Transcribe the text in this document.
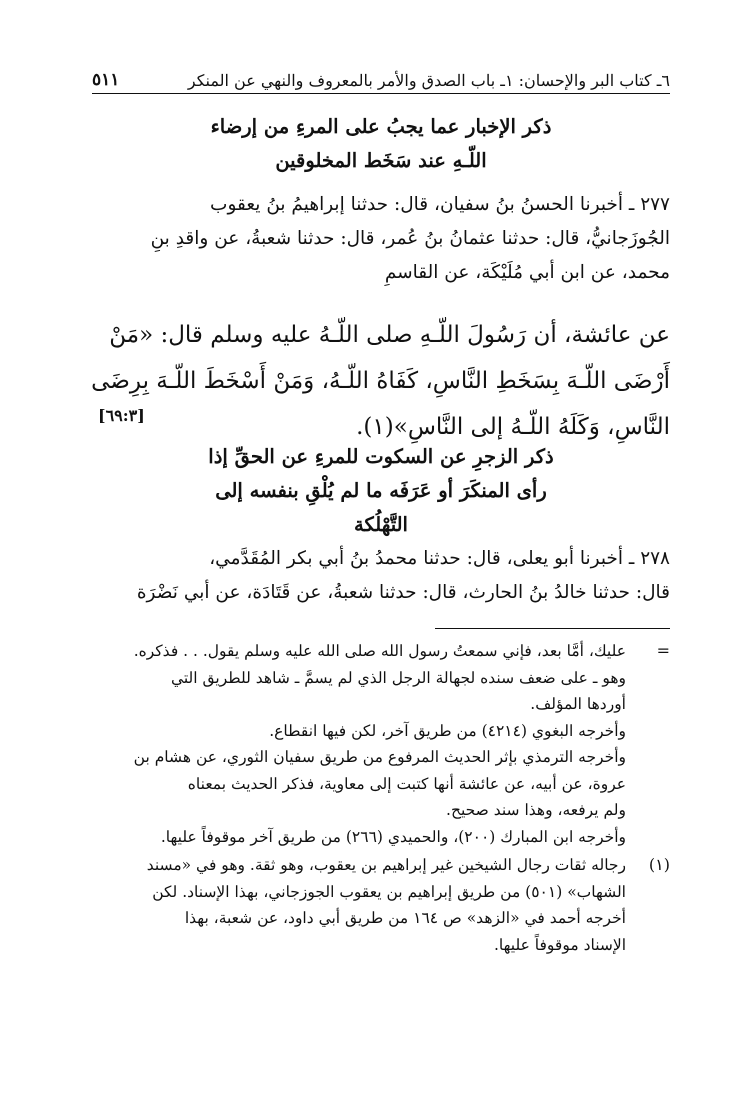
٦ـ كتاب البر والإحسان: ١ـ باب الصدق والأمر بالمعروف والنهي عن المنكر
٥١١
ذكر الإخبار عما يجبُ على المرءِ من إرضاء
اللّـهِ عند سَخَط المخلوقين

٢٧٧ ـ أخبرنا الحسنُ بنُ سفيان، قال: حدثنا إبراهيمُ بنُ يعقوب

الجُوزَجانيُّ، قال: حدثنا عثمانُ بنُ عُمر، قال: حدثنا شعبةُ، عن واقدِ بنِ

محمد، عن ابن أبي مُلَيْكَة، عن القاسمِ

عن عائشة، أن رَسُولَ اللّـهِ صلى اللّـهُ عليه وسلم قال: «مَنْ

أَرْضَى اللّـهَ بِسَخَطِ النَّاسِ، كَفَاهُ اللّـهُ، وَمَنْ أَسْخَطَ اللّـهَ بِرِضَى

النَّاسِ، وَكَلَهُ اللّـهُ إلى النَّاسِ»(١).

[٦٩:٣]
ذكر الزجرِ عن السكوت للمرءِ عن الحقِّ إذا
رأى المنكَرَ أو عَرَفَه ما لم يُلْقِ بنفسه إلى
التَّهْلُكة

٢٧٨ ـ أخبرنا أبو يعلى، قال: حدثنا محمدُ بنُ أبي بكر المُقَدَّمي،

قال: حدثنا خالدُ بنُ الحارث، قال: حدثنا شعبةُ، عن قَتَادَة، عن أبي نَضْرَة

=

عليك، أمَّا بعد، فإني سمعتُ رسول الله صلى الله عليه وسلم يقول. . . فذكره.

وهو ـ على ضعف سنده لجهالة الرجل الذي لم يسمَّ ـ شاهد للطريق التي

أوردها المؤلف.

وأخرجه البغوي (٤٢١٤) من طريق آخر، لكن فيها انقطاع.

وأخرجه الترمذي بإثر الحديث المرفوع من طريق سفيان الثوري، عن هشام بن

عروة، عن أبيه، عن عائشة أنها كتبت إلى معاوية، فذكر الحديث بمعناه

ولم يرفعه، وهذا سند صحيح.

وأخرجه ابن المبارك (٢٠٠)، والحميدي (٢٦٦) من طريق آخر موقوفاً عليها.

(١)

رجاله ثقات رجال الشيخين غير إبراهيم بن يعقوب، وهو ثقة. وهو في «مسند

الشهاب» (٥٠١) من طريق إبراهيم بن يعقوب الجوزجاني، بهذا الإسناد. لكن

أخرجه أحمد في «الزهد» ص ١٦٤ من طريق أبي داود، عن شعبة، بهذا

الإسناد موقوفاً عليها.
